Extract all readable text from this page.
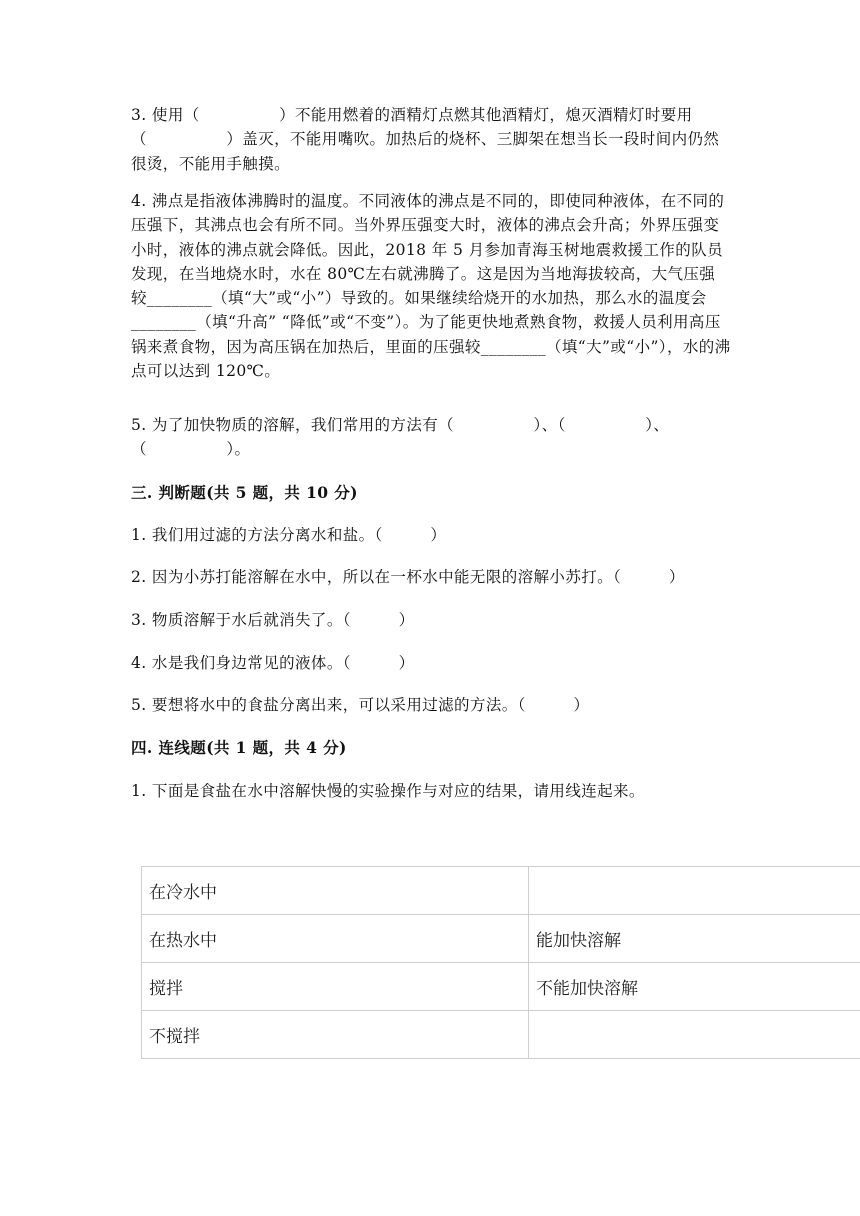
3. 使用（　　　　　）不能用燃着的酒精灯点燃其他酒精灯，熄灭酒精灯时要用（　　　　　）盖灭，不能用嘴吹。加热后的烧杯、三脚架在想当长一段时间内仍然很烫，不能用手触摸。
4. 沸点是指液体沸腾时的温度。不同液体的沸点是不同的，即使同种液体，在不同的压强下，其沸点也会有所不同。当外界压强变大时，液体的沸点会升高；外界压强变小时，液体的沸点就会降低。因此，2018 年 5 月参加青海玉树地震救援工作的队员发现，在当地烧水时，水在 80℃左右就沸腾了。这是因为当地海拔较高，大气压强较________（填“大”或“小”）导致的。如果继续给烧开的水加热，那么水的温度会________（填“升高” “降低”或“不变”）。为了能更快地煮熟食物，救援人员利用高压锅来煮食物，因为高压锅在加热后，里面的压强较________（填“大”或“小”），水的沸点可以达到 120℃。
5. 为了加快物质的溶解，我们常用的方法有（　　　　　）、（　　　　　）、（　　　　　）。
三. 判断题(共 5 题，共 10 分)
1. 我们用过滤的方法分离水和盐。（　　　）
2. 因为小苏打能溶解在水中，所以在一杯水中能无限的溶解小苏打。（　　　）
3. 物质溶解于水后就消失了。（　　　）
4. 水是我们身边常见的液体。（　　　）
5. 要想将水中的食盐分离出来，可以采用过滤的方法。（　　　）
四. 连线题(共 1 题，共 4 分)
1. 下面是食盐在水中溶解快慢的实验操作与对应的结果，请用线连起来。
在冷水中	
在热水中	能加快溶解
搅拌	不能加快溶解
不搅拌	
